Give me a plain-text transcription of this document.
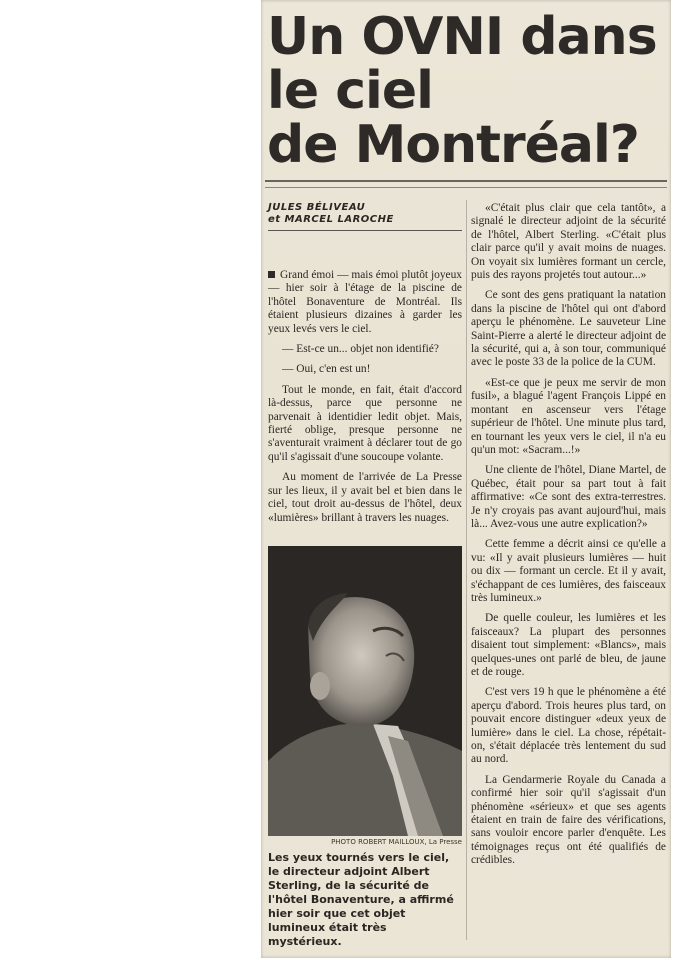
Un OVNI dans
le ciel
de Montréal?
JULES BÉLIVEAU
et MARCEL LAROCHE

Grand émoi — mais émoi plutôt joyeux — hier soir à l'étage de la piscine de l'hôtel Bonaventure de Montréal. Ils étaient plusieurs dizaines à garder les yeux levés vers le ciel.

— Est-ce un... objet non identifié?

— Oui, c'en est un!

Tout le monde, en fait, était d'accord là-dessus, parce que personne ne parvenait à identidier ledit objet. Mais, fierté oblige, presque personne ne s'aventurait vraiment à déclarer tout de go qu'il s'agissait d'une soucoupe volante.

Au moment de l'arrivée de La Presse sur les lieux, il y avait bel et bien dans le ciel, tout droit au-dessus de l'hôtel, deux «lumières» brillant à travers les nuages.

PHOTO ROBERT MAILLOUX, La Presse
Les yeux tournés vers le ciel, le directeur adjoint Albert Sterling, de la sécurité de l'hôtel Bonaventure, a affirmé hier soir que cet objet lumineux était très mystérieux.

«C'était plus clair que cela tantôt», a signalé le directeur adjoint de la sécurité de l'hôtel, Albert Sterling. «C'était plus clair parce qu'il y avait moins de nuages. On voyait six lumières formant un cercle, puis des rayons projetés tout autour...»

Ce sont des gens pratiquant la natation dans la piscine de l'hôtel qui ont d'abord aperçu le phénomène. Le sauveteur Line Saint-Pierre a alerté le directeur adjoint de la sécurité, qui a, à son tour, communiqué avec le poste 33 de la police de la CUM.

«Est-ce que je peux me servir de mon fusil», a blagué l'agent François Lippé en montant en ascenseur vers l'étage supérieur de l'hôtel. Une minute plus tard, en tournant les yeux vers le ciel, il n'a eu qu'un mot: «Sacram...!»

Une cliente de l'hôtel, Diane Martel, de Québec, était pour sa part tout à fait affirmative: «Ce sont des extra-terrestres. Je n'y croyais pas avant aujourd'hui, mais là... Avez-vous une autre explication?»

Cette femme a décrit ainsi ce qu'elle a vu: «Il y avait plusieurs lumières — huit ou dix — formant un cercle. Et il y avait, s'échappant de ces lumières, des faisceaux très lumineux.»

De quelle couleur, les lumières et les faisceaux? La plupart des personnes disaient tout simplement: «Blancs», mais quelques-unes ont parlé de bleu, de jaune et de rouge.

C'est vers 19 h que le phénomène a été aperçu d'abord. Trois heures plus tard, on pouvait encore distinguer «deux yeux de lumière» dans le ciel. La chose, répétait-on, s'était déplacée très lentement du sud au nord.

La Gendarmerie Royale du Canada a confirmé hier soir qu'il s'agissait d'un phénomène «sérieux» et que ses agents étaient en train de faire des vérifications, sans vouloir encore parler d'enquête. Les témoignages reçus ont été qualifiés de crédibles.
